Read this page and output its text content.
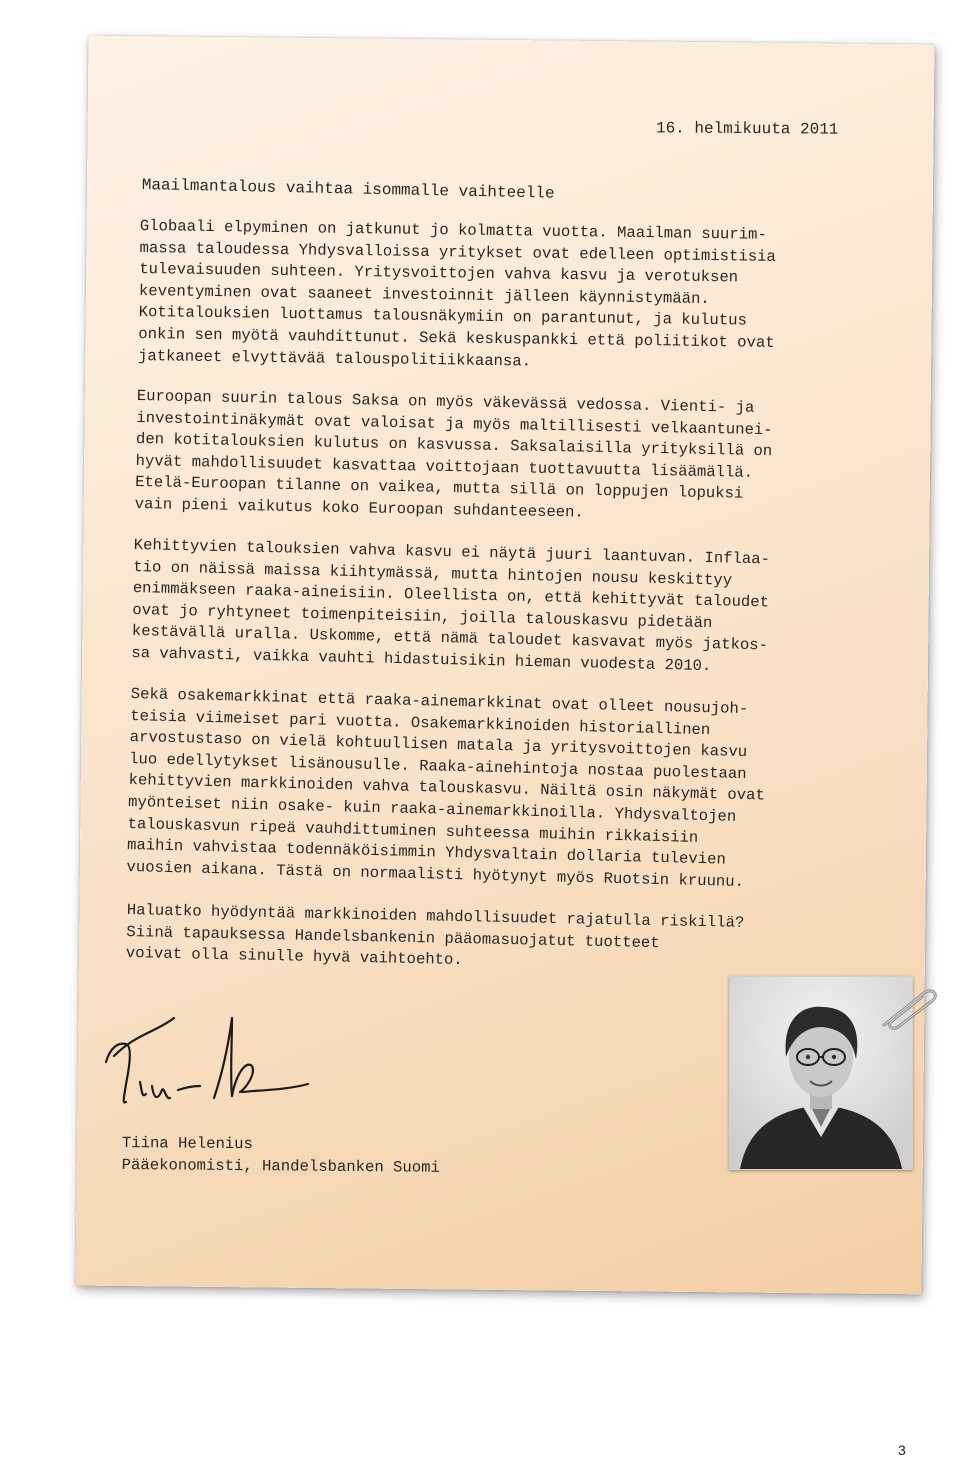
16. helmikuuta 2011
Maailmantalous vaihtaa isommalle vaihteelle
Globaali elpyminen on jatkunut jo kolmatta vuotta. Maailman suurim-
massa taloudessa Yhdysvalloissa yritykset ovat edelleen optimistisia
tulevaisuuden suhteen. Yritysvoittojen vahva kasvu ja verotuksen
keventyminen ovat saaneet investoinnit jälleen käynnistymään.
Kotitalouksien luottamus talousnäkymiin on parantunut, ja kulutus
onkin sen myötä vauhdittunut. Sekä keskuspankki että poliitikot ovat
jatkaneet elvyttävää talouspolitiikkaansa.
Euroopan suurin talous Saksa on myös väkevässä vedossa. Vienti- ja
investointinäkymät ovat valoisat ja myös maltillisesti velkaantunei-
den kotitalouksien kulutus on kasvussa. Saksalaisilla yrityksillä on
hyvät mahdollisuudet kasvattaa voittojaan tuottavuutta lisäämällä.
Etelä-Euroopan tilanne on vaikea, mutta sillä on loppujen lopuksi
vain pieni vaikutus koko Euroopan suhdanteeseen.
Kehittyvien talouksien vahva kasvu ei näytä juuri laantuvan. Inflaa-
tio on näissä maissa kiihtymässä, mutta hintojen nousu keskittyy
enimmäkseen raaka-aineisiin. Oleellista on, että kehittyvät taloudet
ovat jo ryhtyneet toimenpiteisiin, joilla talouskasvu pidetään
kestävällä uralla. Uskomme, että nämä taloudet kasvavat myös jatkos-
sa vahvasti, vaikka vauhti hidastuisikin hieman vuodesta 2010.
Sekä osakemarkkinat että raaka-ainemarkkinat ovat olleet nousujoh-
teisia viimeiset pari vuotta. Osakemarkkinoiden historiallinen
arvostustaso on vielä kohtuullisen matala ja yritysvoittojen kasvu
luo edellytykset lisänousulle. Raaka-ainehintoja nostaa puolestaan
kehittyvien markkinoiden vahva talouskasvu. Näiltä osin näkymät ovat
myönteiset niin osake- kuin raaka-ainemarkkinoilla. Yhdysvaltojen
talouskasvun ripeä vauhdittuminen suhteessa muihin rikkaisiin
maihin vahvistaa todennäköisimmin Yhdysvaltain dollaria tulevien
vuosien aikana. Tästä on normaalisti hyötynyt myös Ruotsin kruunu.
Haluatko hyödyntää markkinoiden mahdollisuudet rajatulla riskillä?
Siinä tapauksessa Handelsbankenin pääomasuojatut tuotteet
voivat olla sinulle hyvä vaihtoehto.
Tiina Helenius
Pääekonomisti, Handelsbanken Suomi
3
